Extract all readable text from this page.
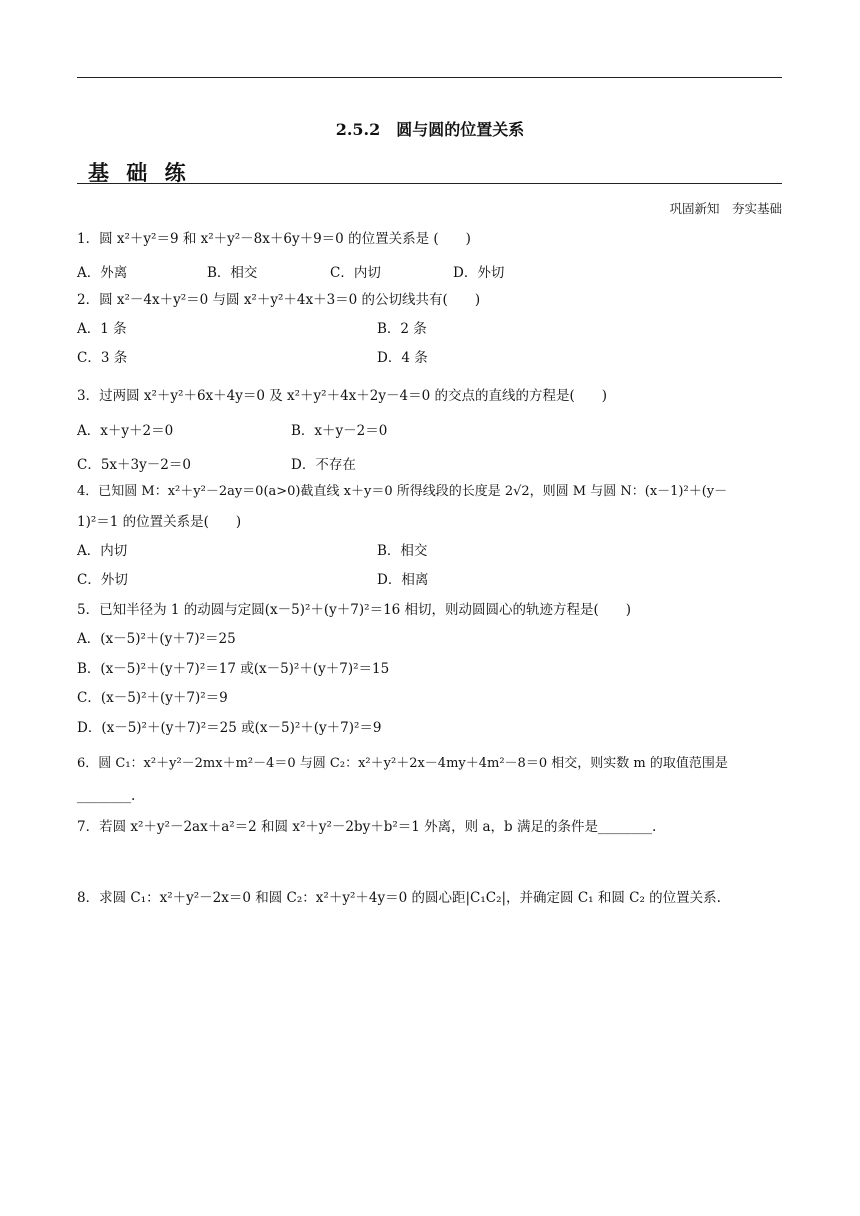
2.5.2　圆与圆的位置关系
基 础 练
巩固新知　夯实基础
1．圆 x²＋y²＝9 和 x²＋y²－8x＋6y＋9＝0 的位置关系是 (　　)
A．外离	B．相交	C．内切	D．外切
2．圆 x²－4x＋y²＝0 与圆 x²＋y²＋4x＋3＝0 的公切线共有(　　)
A．1 条	B．2 条
C．3 条	D．4 条
3．过两圆 x²＋y²＋6x＋4y＝0 及 x²＋y²＋4x＋2y－4＝0 的交点的直线的方程是(　　)
A．x＋y＋2＝0	B．x＋y－2＝0
C．5x＋3y－2＝0	D．不存在
4．已知圆 M：x²＋y²－2ay＝0(a>0)截直线 x＋y＝0 所得线段的长度是 2√2，则圆 M 与圆 N：(x－1)²＋(y－
1)²＝1 的位置关系是(　　)
A．内切	B．相交
C．外切	D．相离
5．已知半径为 1 的动圆与定圆(x－5)²＋(y＋7)²＝16 相切，则动圆圆心的轨迹方程是(　　)
A．(x－5)²＋(y＋7)²＝25
B．(x－5)²＋(y＋7)²＝17 或(x－5)²＋(y＋7)²＝15
C．(x－5)²＋(y＋7)²＝9
D．(x－5)²＋(y＋7)²＝25 或(x－5)²＋(y＋7)²＝9
6．圆 C₁：x²＋y²－2mx＋m²－4＝0 与圆 C₂：x²＋y²＋2x－4my＋4m²－8＝0 相交，则实数 m 的取值范围是
________.
7．若圆 x²＋y²－2ax＋a²＝2 和圆 x²＋y²－2by＋b²＝1 外离，则 a，b 满足的条件是________.
8．求圆 C₁：x²＋y²－2x＝0 和圆 C₂：x²＋y²＋4y＝0 的圆心距|C₁C₂|，并确定圆 C₁ 和圆 C₂ 的位置关系.
